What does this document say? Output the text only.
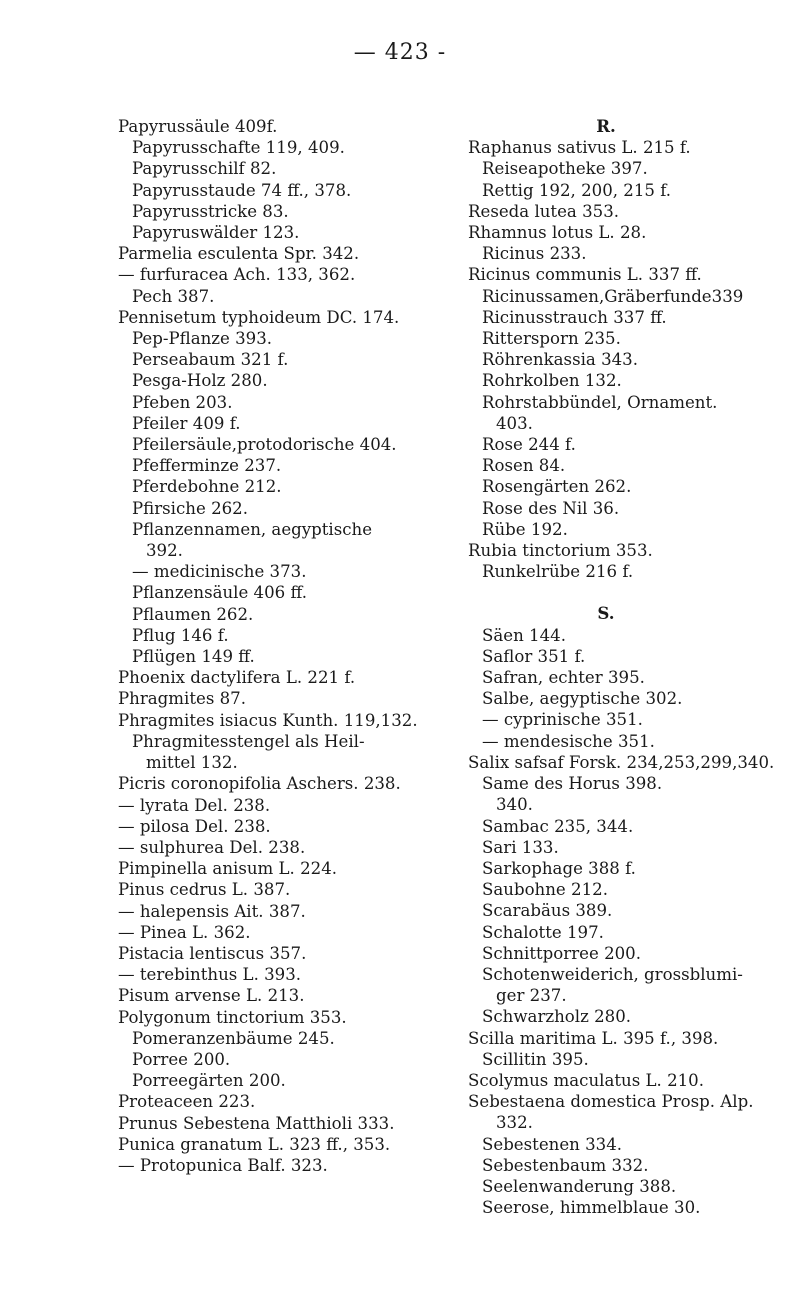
— 423 -
Papyrussäule 409f.
Papyrusschafte 119, 409.
Papyrusschilf 82.
Papyrusstaude 74 ff., 378.
Papyrusstricke 83.
Papyruswälder 123.
Parmelia esculenta Spr. 342.
— furfuracea Ach. 133, 362.
Pech 387.
Pennisetum typhoideum DC. 174.
Pep-Pflanze 393.
Perseabaum 321 f.
Pesga-Holz 280.
Pfeben 203.
Pfeiler 409 f.
Pfeilersäule,protodorische 404.
Pfefferminze 237.
Pferdebohne 212.
Pfirsiche 262.
Pflanzennamen, aegyptische
392.
— medicinische 373.
Pflanzensäule 406 ff.
Pflaumen 262.
Pflug 146 f.
Pflügen 149 ff.
Phoenix dactylifera L. 221 f.
Phragmites 87.
Phragmites isiacus Kunth. 119,132.
Phragmitesstengel als Heil-
mittel 132.
Picris coronopifolia Aschers. 238.
— lyrata Del. 238.
— pilosa Del. 238.
— sulphurea Del. 238.
Pimpinella anisum L. 224.
Pinus cedrus L. 387.
— halepensis Ait. 387.
— Pinea L. 362.
Pistacia lentiscus 357.
— terebinthus L. 393.
Pisum arvense L. 213.
Polygonum tinctorium 353.
Pomeranzenbäume 245.
Porree 200.
Porreegärten 200.
Proteaceen 223.
Prunus Sebestena Matthioli 333.
Punica granatum L. 323 ff., 353.
— Protopunica Balf. 323.
R.
Raphanus sativus L. 215 f.
Reiseapotheke 397.
Rettig 192, 200, 215 f.
Reseda lutea 353.
Rhamnus lotus L. 28.
Ricinus 233.
Ricinus communis L. 337 ff.
Ricinussamen,Gräberfunde339
Ricinusstrauch 337 ff.
Rittersporn 235.
Röhrenkassia 343.
Rohrkolben 132.
Rohrstabbündel, Ornament.
403.
Rose 244 f.
Rosen 84.
Rosengärten 262.
Rose des Nil 36.
Rübe 192.
Rubia tinctorium 353.
Runkelrübe 216 f.
S.
Säen 144.
Saflor 351 f.
Safran, echter 395.
Salbe, aegyptische 302.
— cyprinische 351.
— mendesische 351.
Salix safsaf Forsk. 234,253,299,340.
Same des Horus 398.
340.
Sambac 235, 344.
Sari 133.
Sarkophage 388 f.
Saubohne 212.
Scarabäus 389.
Schalotte 197.
Schnittporree 200.
Schotenweiderich, grossblumi-
ger 237.
Schwarzholz 280.
Scilla maritima L. 395 f., 398.
Scillitin 395.
Scolymus maculatus L. 210.
Sebestaena domestica Prosp. Alp.
332.
Sebestenen 334.
Sebestenbaum 332.
Seelenwanderung 388.
Seerose, himmelblaue 30.
